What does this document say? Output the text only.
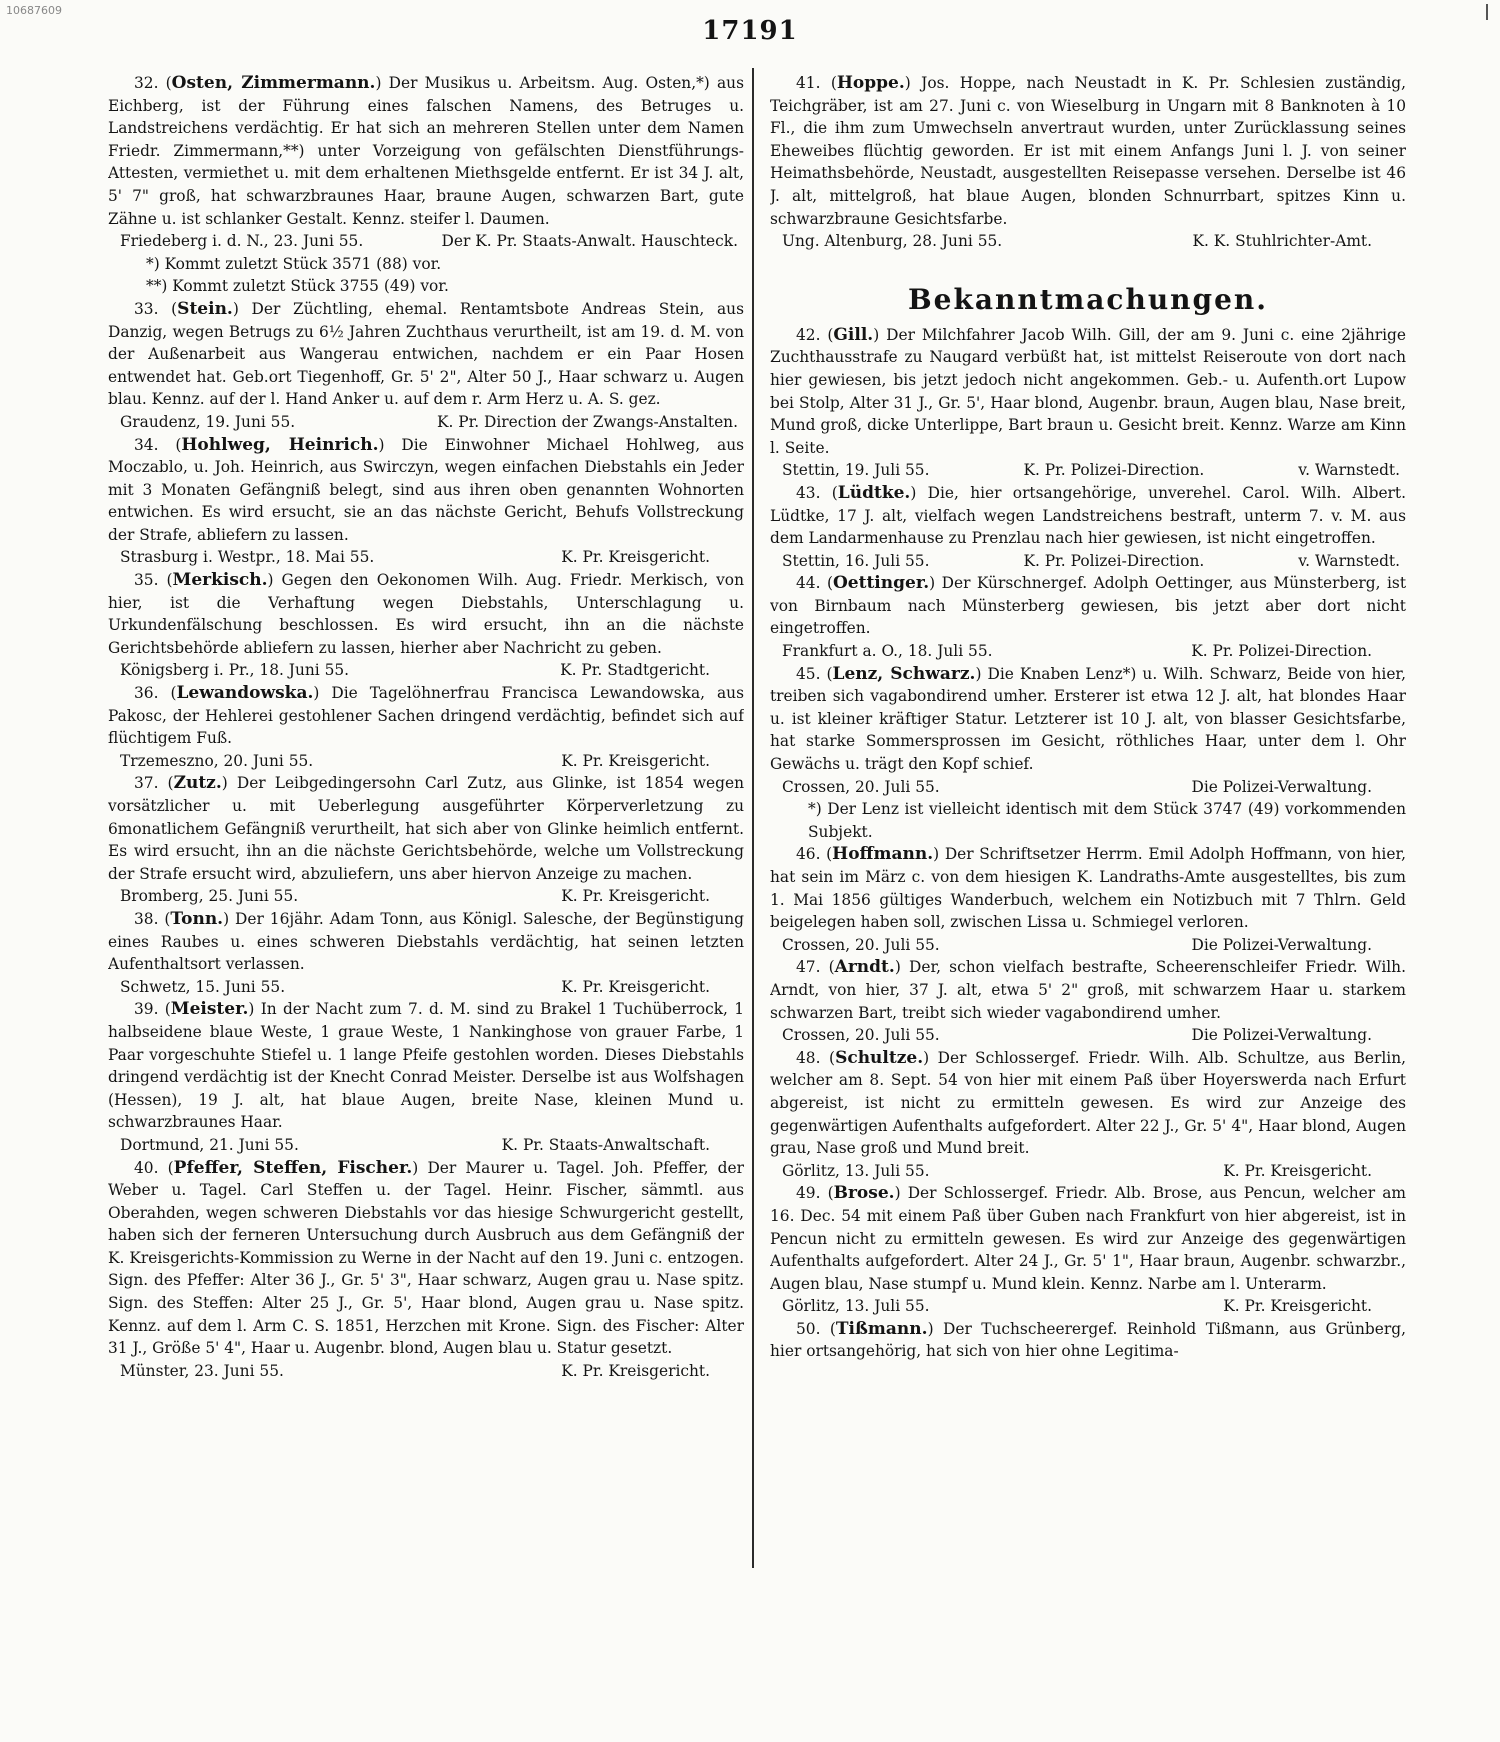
10687609
17191

32. (Osten, Zimmermann.) Der Musikus u. Arbeitsm. Aug. Osten,*) aus Eichberg, ist der Führung eines falschen Namens, des Betruges u. Landstreichens verdächtig. Er hat sich an mehreren Stellen unter dem Namen Friedr. Zimmermann,**) unter Vorzeigung von gefälschten Dienstführungs-Attesten, vermiethet u. mit dem erhaltenen Miethsgelde entfernt. Er ist 34 J. alt, 5' 7" groß, hat schwarzbraunes Haar, braune Augen, schwarzen Bart, gute Zähne u. ist schlanker Gestalt. Kennz. steifer l. Daumen.

Friedeberg i. d. N., 23. Juni 55.	Der K. Pr. Staats-Anwalt. Hauschteck.
*) Kommt zuletzt Stück 3571 (88) vor.
**) Kommt zuletzt Stück 3755 (49) vor.

33. (Stein.) Der Züchtling, ehemal. Rentamtsbote Andreas Stein, aus Danzig, wegen Betrugs zu 6½ Jahren Zuchthaus verurtheilt, ist am 19. d. M. von der Außenarbeit aus Wangerau entwichen, nachdem er ein Paar Hosen entwendet hat. Geb.ort Tiegenhoff, Gr. 5' 2", Alter 50 J., Haar schwarz u. Augen blau. Kennz. auf der l. Hand Anker u. auf dem r. Arm Herz u. A. S. gez.

Graudenz, 19. Juni 55.	K. Pr. Direction der Zwangs-Anstalten.

34. (Hohlweg, Heinrich.) Die Einwohner Michael Hohlweg, aus Moczablo, u. Joh. Heinrich, aus Swirczyn, wegen einfachen Diebstahls ein Jeder mit 3 Monaten Gefängniß belegt, sind aus ihren oben genannten Wohnorten entwichen. Es wird ersucht, sie an das nächste Gericht, Behufs Vollstreckung der Strafe, abliefern zu lassen.

Strasburg i. Westpr., 18. Mai 55.	K. Pr. Kreisgericht.

35. (Merkisch.) Gegen den Oekonomen Wilh. Aug. Friedr. Merkisch, von hier, ist die Verhaftung wegen Diebstahls, Unterschlagung u. Urkundenfälschung beschlossen. Es wird ersucht, ihn an die nächste Gerichtsbehörde abliefern zu lassen, hierher aber Nachricht zu geben.

Königsberg i. Pr., 18. Juni 55.	K. Pr. Stadtgericht.

36. (Lewandowska.) Die Tagelöhnerfrau Francisca Lewandowska, aus Pakosc, der Hehlerei gestohlener Sachen dringend verdächtig, befindet sich auf flüchtigem Fuß.

Trzemeszno, 20. Juni 55.	K. Pr. Kreisgericht.

37. (Zutz.) Der Leibgedingersohn Carl Zutz, aus Glinke, ist 1854 wegen vorsätzlicher u. mit Ueberlegung ausgeführter Körperverletzung zu 6monatlichem Gefängniß verurtheilt, hat sich aber von Glinke heimlich entfernt. Es wird ersucht, ihn an die nächste Gerichtsbehörde, welche um Vollstreckung der Strafe ersucht wird, abzuliefern, uns aber hiervon Anzeige zu machen.

Bromberg, 25. Juni 55.	K. Pr. Kreisgericht.

38. (Tonn.) Der 16jähr. Adam Tonn, aus Königl. Salesche, der Begünstigung eines Raubes u. eines schweren Diebstahls verdächtig, hat seinen letzten Aufenthaltsort verlassen.

Schwetz, 15. Juni 55.	K. Pr. Kreisgericht.

39. (Meister.) In der Nacht zum 7. d. M. sind zu Brakel 1 Tuchüberrock, 1 halbseidene blaue Weste, 1 graue Weste, 1 Nankinghose von grauer Farbe, 1 Paar vorgeschuhte Stiefel u. 1 lange Pfeife gestohlen worden. Dieses Diebstahls dringend verdächtig ist der Knecht Conrad Meister. Derselbe ist aus Wolfshagen (Hessen), 19 J. alt, hat blaue Augen, breite Nase, kleinen Mund u. schwarzbraunes Haar.

Dortmund, 21. Juni 55.	K. Pr. Staats-Anwaltschaft.

40. (Pfeffer, Steffen, Fischer.) Der Maurer u. Tagel. Joh. Pfeffer, der Weber u. Tagel. Carl Steffen u. der Tagel. Heinr. Fischer, sämmtl. aus Oberahden, wegen schweren Diebstahls vor das hiesige Schwurgericht gestellt, haben sich der ferneren Untersuchung durch Ausbruch aus dem Gefängniß der K. Kreisgerichts-Kommission zu Werne in der Nacht auf den 19. Juni c. entzogen. Sign. des Pfeffer: Alter 36 J., Gr. 5' 3", Haar schwarz, Augen grau u. Nase spitz. Sign. des Steffen: Alter 25 J., Gr. 5', Haar blond, Augen grau u. Nase spitz. Kennz. auf dem l. Arm C. S. 1851, Herzchen mit Krone. Sign. des Fischer: Alter 31 J., Größe 5' 4", Haar u. Augenbr. blond, Augen blau u. Statur gesetzt.

Münster, 23. Juni 55.	K. Pr. Kreisgericht.

41. (Hoppe.) Jos. Hoppe, nach Neustadt in K. Pr. Schlesien zuständig, Teichgräber, ist am 27. Juni c. von Wieselburg in Ungarn mit 8 Banknoten à 10 Fl., die ihm zum Umwechseln anvertraut wurden, unter Zurücklassung seines Eheweibes flüchtig geworden. Er ist mit einem Anfangs Juni l. J. von seiner Heimathsbehörde, Neustadt, ausgestellten Reisepasse versehen. Derselbe ist 46 J. alt, mittelgroß, hat blaue Augen, blonden Schnurrbart, spitzes Kinn u. schwarzbraune Gesichtsfarbe.

Ung. Altenburg, 28. Juni 55.	K. K. Stuhlrichter-Amt.
Bekanntmachungen.

42. (Gill.) Der Milchfahrer Jacob Wilh. Gill, der am 9. Juni c. eine 2jährige Zuchthausstrafe zu Naugard verbüßt hat, ist mittelst Reiseroute von dort nach hier gewiesen, bis jetzt jedoch nicht angekommen. Geb.- u. Aufenth.ort Lupow bei Stolp, Alter 31 J., Gr. 5', Haar blond, Augenbr. braun, Augen blau, Nase breit, Mund groß, dicke Unterlippe, Bart braun u. Gesicht breit. Kennz. Warze am Kinn l. Seite.

Stettin, 19. Juli 55.	K. Pr. Polizei-Direction.	v. Warnstedt.

43. (Lüdtke.) Die, hier ortsangehörige, unverehel. Carol. Wilh. Albert. Lüdtke, 17 J. alt, vielfach wegen Landstreichens bestraft, unterm 7. v. M. aus dem Landarmenhause zu Prenzlau nach hier gewiesen, ist nicht eingetroffen.

Stettin, 16. Juli 55.	K. Pr. Polizei-Direction.	v. Warnstedt.

44. (Oettinger.) Der Kürschnergef. Adolph Oettinger, aus Münsterberg, ist von Birnbaum nach Münsterberg gewiesen, bis jetzt aber dort nicht eingetroffen.

Frankfurt a. O., 18. Juli 55.	K. Pr. Polizei-Direction.

45. (Lenz, Schwarz.) Die Knaben Lenz*) u. Wilh. Schwarz, Beide von hier, treiben sich vagabondirend umher. Ersterer ist etwa 12 J. alt, hat blondes Haar u. ist kleiner kräftiger Statur. Letzterer ist 10 J. alt, von blasser Gesichtsfarbe, hat starke Sommersprossen im Gesicht, röthliches Haar, unter dem l. Ohr Gewächs u. trägt den Kopf schief.

Crossen, 20. Juli 55.	Die Polizei-Verwaltung.
*) Der Lenz ist vielleicht identisch mit dem Stück 3747 (49) vorkommenden Subjekt.

46. (Hoffmann.) Der Schriftsetzer Herrm. Emil Adolph Hoffmann, von hier, hat sein im März c. von dem hiesigen K. Landraths-Amte ausgestelltes, bis zum 1. Mai 1856 gültiges Wanderbuch, welchem ein Notizbuch mit 7 Thlrn. Geld beigelegen haben soll, zwischen Lissa u. Schmiegel verloren.

Crossen, 20. Juli 55.	Die Polizei-Verwaltung.

47. (Arndt.) Der, schon vielfach bestrafte, Scheerenschleifer Friedr. Wilh. Arndt, von hier, 37 J. alt, etwa 5' 2" groß, mit schwarzem Haar u. starkem schwarzen Bart, treibt sich wieder vagabondirend umher.

Crossen, 20. Juli 55.	Die Polizei-Verwaltung.

48. (Schultze.) Der Schlossergef. Friedr. Wilh. Alb. Schultze, aus Berlin, welcher am 8. Sept. 54 von hier mit einem Paß über Hoyerswerda nach Erfurt abgereist, ist nicht zu ermitteln gewesen. Es wird zur Anzeige des gegenwärtigen Aufenthalts aufgefordert. Alter 22 J., Gr. 5' 4", Haar blond, Augen grau, Nase groß und Mund breit.

Görlitz, 13. Juli 55.	K. Pr. Kreisgericht.

49. (Brose.) Der Schlossergef. Friedr. Alb. Brose, aus Pencun, welcher am 16. Dec. 54 mit einem Paß über Guben nach Frankfurt von hier abgereist, ist in Pencun nicht zu ermitteln gewesen. Es wird zur Anzeige des gegenwärtigen Aufenthalts aufgefordert. Alter 24 J., Gr. 5' 1", Haar braun, Augenbr. schwarzbr., Augen blau, Nase stumpf u. Mund klein. Kennz. Narbe am l. Unterarm.

Görlitz, 13. Juli 55.	K. Pr. Kreisgericht.

50. (Tißmann.) Der Tuchscheerergef. Reinhold Tißmann, aus Grünberg, hier ortsangehörig, hat sich von hier ohne Legitima-
